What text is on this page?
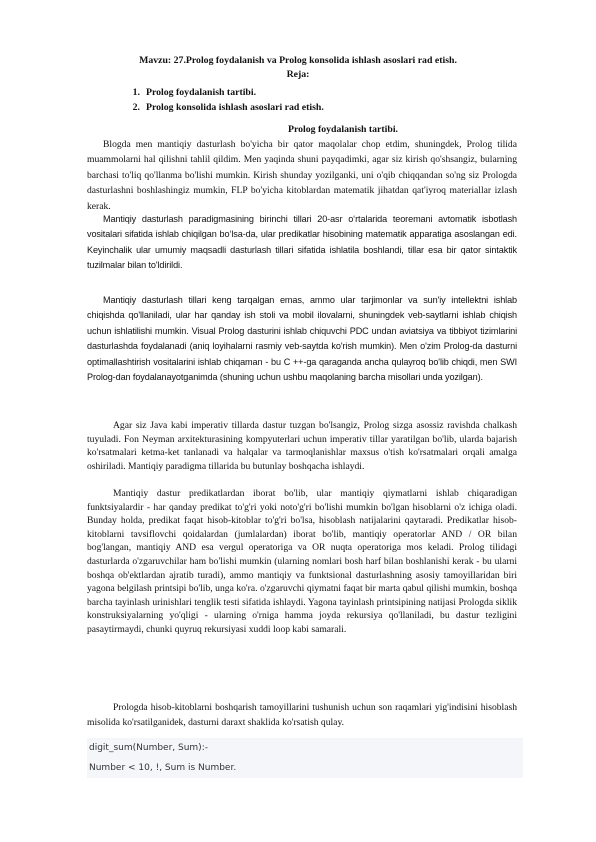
Mavzu: 27.Prolog foydalanish va Prolog konsolida ishlash asoslari rad etish.
Reja:
1. Prolog foydalanish tartibi.
2. Prolog konsolida ishlash asoslari rad etish.
Prolog foydalanish tartibi.

Blogda men mantiqiy dasturlash bo'yicha bir qator maqolalar chop etdim, shuningdek, Prolog tilida muammolarni hal qilishni tahlil qildim. Men yaqinda shuni payqadimki, agar siz kirish qo'shsangiz, bularning barchasi to'liq qo'llanma bo'lishi mumkin. Kirish shunday yozilganki, uni o'qib chiqqandan so'ng siz Prologda dasturlashni boshlashingiz mumkin, FLP bo'yicha kitoblardan matematik jihatdan qat'iyroq materiallar izlash kerak.

Mantiqiy dasturlash paradigmasining birinchi tillari 20-asr o‘rtalarida teoremani avtomatik isbotlash vositalari sifatida ishlab chiqilgan bo‘lsa-da, ular predikatlar hisobining matematik apparatiga asoslangan edi. Keyinchalik ular umumiy maqsadli dasturlash tillari sifatida ishlatila boshlandi, tillar esa bir qator sintaktik tuzilmalar bilan to'ldirildi.

Mantiqiy dasturlash tillari keng tarqalgan emas, ammo ular tarjimonlar va sun'iy intellektni ishlab chiqishda qo'llaniladi, ular har qanday ish stoli va mobil ilovalarni, shuningdek veb-saytlarni ishlab chiqish uchun ishlatilishi mumkin. Visual Prolog dasturini ishlab chiquvchi PDC undan aviatsiya va tibbiyot tizimlarini dasturlashda foydalanadi (aniq loyihalarni rasmiy veb-saytda ko'rish mumkin). Men o'zim Prolog-da dasturni optimallashtirish vositalarini ishlab chiqaman - bu C ++-ga qaraganda ancha qulayroq bo'lib chiqdi, men SWI Prolog-dan foydalanayotganimda (shuning uchun ushbu maqolaning barcha misollari unda yozilgan).

Agar siz Java kabi imperativ tillarda dastur tuzgan bo'lsangiz, Prolog sizga asossiz ravishda chalkash tuyuladi. Fon Neyman arxitekturasining kompyuterlari uchun imperativ tillar yaratilgan bo'lib, ularda bajarish ko'rsatmalari ketma-ket tanlanadi va halqalar va tarmoqlanishlar maxsus o'tish ko'rsatmalari orqali amalga oshiriladi. Mantiqiy paradigma tillarida bu butunlay boshqacha ishlaydi.

Mantiqiy dastur predikatlardan iborat bo'lib, ular mantiqiy qiymatlarni ishlab chiqaradigan funktsiyalardir - har qanday predikat to'g'ri yoki noto'g'ri bo'lishi mumkin bo'lgan hisoblarni o'z ichiga oladi. Bunday holda, predikat faqat hisob-kitoblar to'g'ri bo'lsa, hisoblash natijalarini qaytaradi. Predikatlar hisob-kitoblarni tavsiflovchi qoidalardan (jumlalardan) iborat bo'lib, mantiqiy operatorlar AND / OR bilan bog'langan, mantiqiy AND esa vergul operatoriga va OR nuqta operatoriga mos keladi. Prolog tilidagi dasturlarda o'zgaruvchilar ham bo'lishi mumkin (ularning nomlari bosh harf bilan boshlanishi kerak - bu ularni boshqa ob'ektlardan ajratib turadi), ammo mantiqiy va funktsional dasturlashning asosiy tamoyillaridan biri yagona belgilash printsipi bo'lib, unga ko'ra. o'zgaruvchi qiymatni faqat bir marta qabul qilishi mumkin, boshqa barcha tayinlash urinishlari tenglik testi sifatida ishlaydi. Yagona tayinlash printsipining natijasi Prologda siklik konstruksiyalarning yo'qligi - ularning o'rniga hamma joyda rekursiya qo'llaniladi, bu dastur tezligini pasaytirmaydi, chunki quyruq rekursiyasi xuddi loop kabi samarali.

Prologda hisob-kitoblarni boshqarish tamoyillarini tushunish uchun son raqamlari yig'indisini hisoblash misolida ko'rsatilganidek, dasturni daraxt shaklida ko'rsatish qulay.

digit_sum(Number, Sum):-
Number < 10, !, Sum is Number.
